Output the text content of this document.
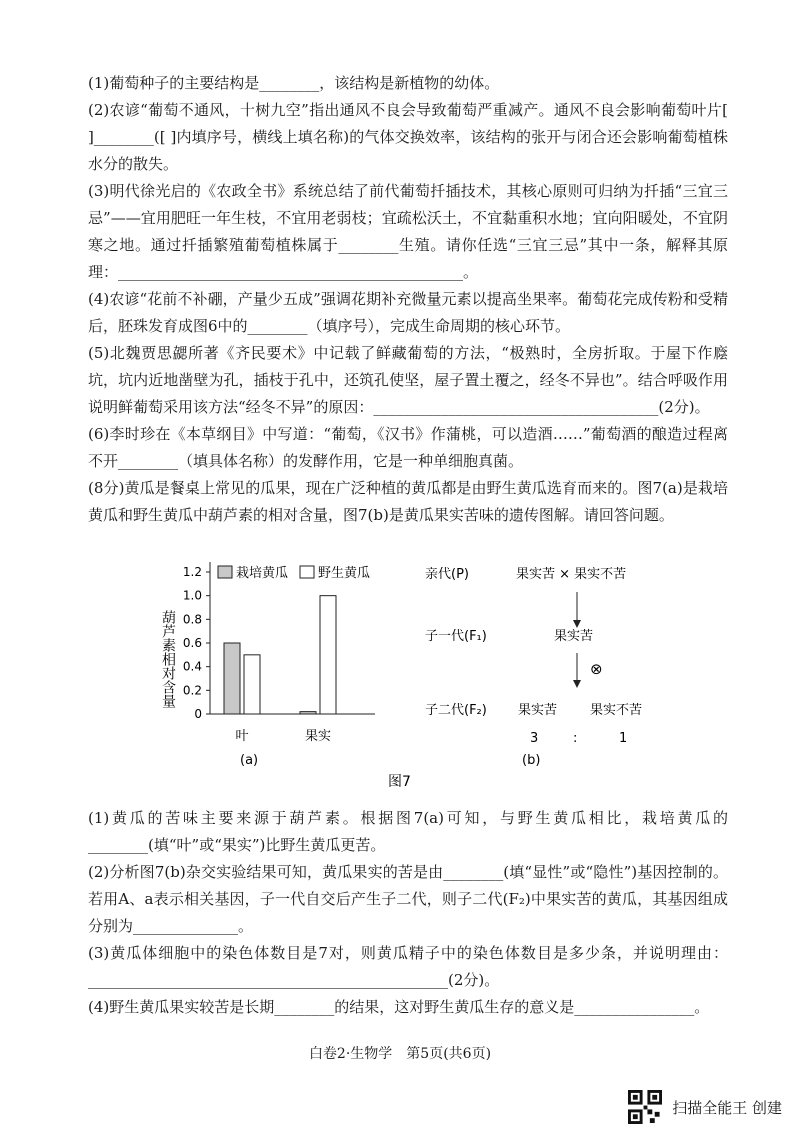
(1)葡萄种子的主要结构是________，该结构是新植物的幼体。

(2)农谚“葡萄不通风，十树九空”指出通风不良会导致葡萄严重减产。通风不良会影响葡萄叶片[ ]________([ ]内填序号，横线上填名称)的气体交换效率，该结构的张开与闭合还会影响葡萄植株水分的散失。

(3)明代徐光启的《农政全书》系统总结了前代葡萄扦插技术，其核心原则可归纳为扦插“三宜三忌”——宜用肥旺一年生枝，不宜用老弱枝；宜疏松沃土，不宜黏重积水地；宜向阳暖处，不宜阴寒之地。通过扦插繁殖葡萄植株属于________生殖。请你任选“三宜三忌”其中一条，解释其原理：______________________________________________。

(4)农谚“花前不补硼，产量少五成”强调花期补充微量元素以提高坐果率。葡萄花完成传粉和受精后，胚珠发育成图6中的________（填序号），完成生命周期的核心环节。

(5)北魏贾思勰所著《齐民要术》中记载了鲜藏葡萄的方法，“极熟时，全房折取。于屋下作廕坑，坑内近地凿壁为孔，插枝于孔中，还筑孔使坚，屋子置土覆之，经冬不异也”。结合呼吸作用说明鲜葡萄采用该方法“经冬不异”的原因：______________________________________(2分)。

(6)李时珍在《本草纲目》中写道：“葡萄，《汉书》作蒲桃，可以造酒……”葡萄酒的酿造过程离不开________（填具体名称）的发酵作用，它是一种单细胞真菌。

(8分)黄瓜是餐桌上常见的瓜果，现在广泛种植的黄瓜都是由野生黄瓜选育而来的。图7(a)是栽培黄瓜和野生黄瓜中葫芦素的相对含量，图7(b)是黄瓜果实苦味的遗传图解。请回答问题。

葫芦素相对含量
0
0.2
0.4
0.6
0.8
1.0
1.2
叶	果实
栽培黄瓜 野生黄瓜
(a)
亲代(P)	果实苦 × 果实不苦
子一代(F₁)	果实苦
⊗
子二代(F₂) 果实苦	果实不苦
3	:	1
(b)
图7

(1)黄瓜的苦味主要来源于葫芦素。根据图7(a)可知，与野生黄瓜相比，栽培黄瓜的________(填“叶”或“果实”)比野生黄瓜更苦。

(2)分析图7(b)杂交实验结果可知，黄瓜果实的苦是由________(填“显性”或“隐性”)基因控制的。若用A、a表示相关基因，子一代自交后产生子二代，则子二代(F₂)中果实苦的黄瓜，其基因组成分别为______________。

(3)黄瓜体细胞中的染色体数目是7对，则黄瓜精子中的染色体数目是多少条，并说明理由：________________________________________________(2分)。

(4)野生黄瓜果实较苦是长期________的结果，这对野生黄瓜生存的意义是________________。

白卷2·生物学　第5页(共6页)
扫描全能王 创建
